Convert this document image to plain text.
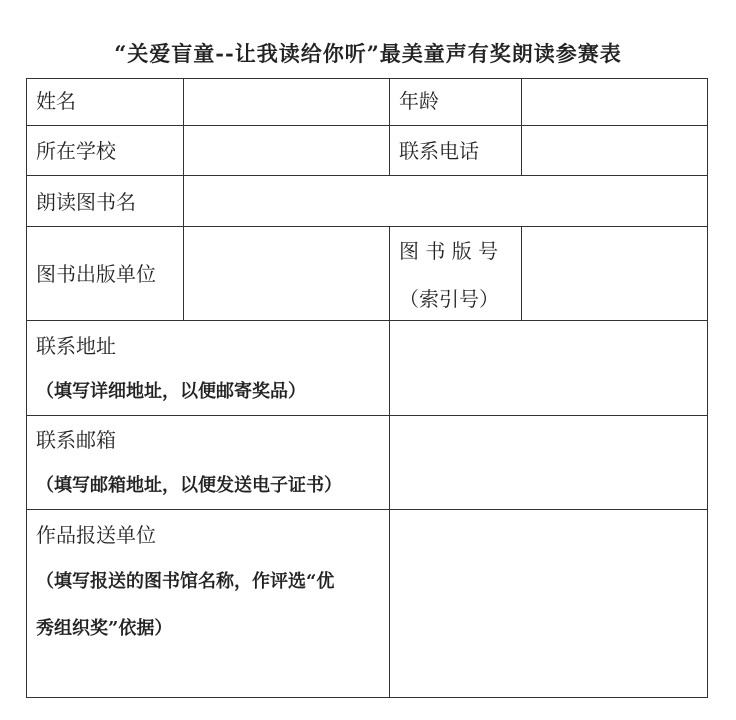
“关爱盲童--让我读给你听”最美童声有奖朗读参赛表
姓名	年龄
所在学校	联系电话
朗读图书名
图书出版单位
图 书 版 号
（索引号）
联系地址
（填写详细地址，以便邮寄奖品）
联系邮箱
（填写邮箱地址，以便发送电子证书）
作品报送单位
（填写报送的图书馆名称，作评选“优
秀组织奖”依据）
